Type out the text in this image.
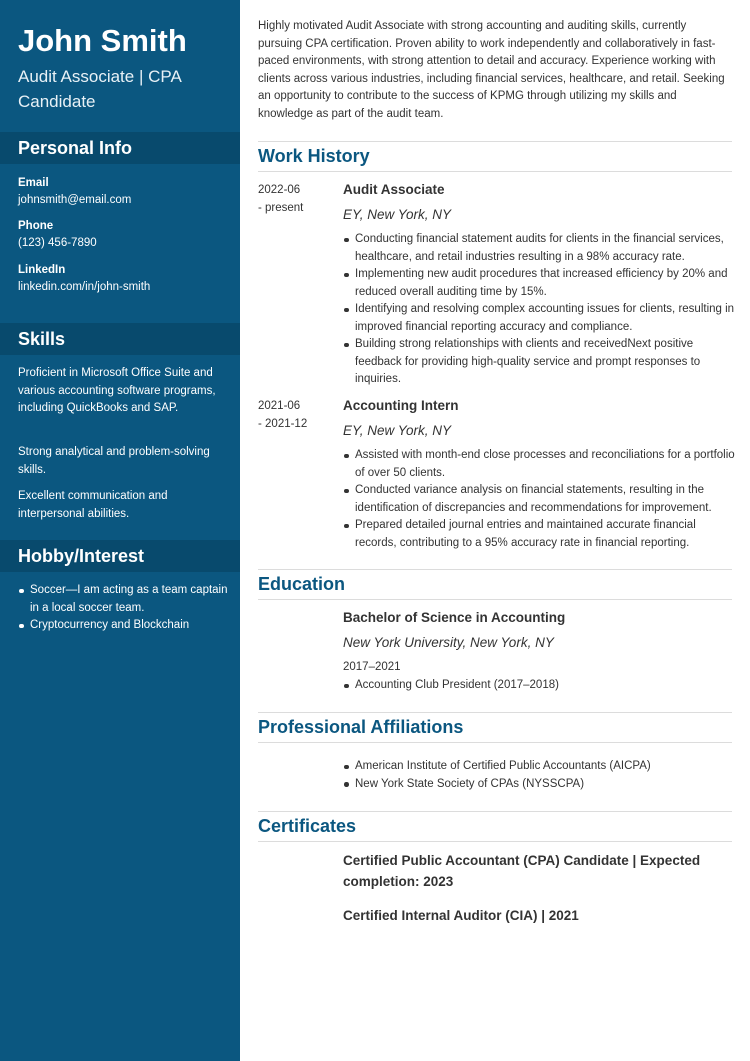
John Smith
Audit Associate | CPA Candidate
Personal Info
Email
johnsmith@email.com
Phone
(123) 456-7890
LinkedIn
linkedin.com/in/john-smith
Skills
Proficient in Microsoft Office Suite and various accounting software programs, including QuickBooks and SAP.
Strong analytical and problem-solving skills.
Excellent communication and interpersonal abilities.
Hobby/Interest
Soccer—I am acting as a team captain in a local soccer team.
Cryptocurrency and Blockchain
Highly motivated Audit Associate with strong accounting and auditing skills, currently pursuing CPA certification. Proven ability to work independently and collaboratively in fast-paced environments, with strong attention to detail and accuracy. Experience working with clients across various industries, including financial services, healthcare, and retail. Seeking an opportunity to contribute to the success of KPMG through utilizing my skills and knowledge as part of the audit team.
Work History
2022-06
- present
Audit Associate
EY, New York, NY
Conducting financial statement audits for clients in the financial services, healthcare, and retail industries resulting in a 98% accuracy rate.
Implementing new audit procedures that increased efficiency by 20% and reduced overall auditing time by 15%.
Identifying and resolving complex accounting issues for clients, resulting in improved financial reporting accuracy and compliance.
Building strong relationships with clients and receivedNext positive feedback for providing high-quality service and prompt responses to inquiries.
2021-06
- 2021-12
Accounting Intern
EY, New York, NY
Assisted with month-end close processes and reconciliations for a portfolio of over 50 clients.
Conducted variance analysis on financial statements, resulting in the identification of discrepancies and recommendations for improvement.
Prepared detailed journal entries and maintained accurate financial records, contributing to a 95% accuracy rate in financial reporting.
Education
Bachelor of Science in Accounting
New York University, New York, NY
2017–2021
Accounting Club President (2017–2018)
Professional Affiliations
American Institute of Certified Public Accountants (AICPA)
New York State Society of CPAs (NYSSCPA)
Certificates
Certified Public Accountant (CPA) Candidate | Expected completion: 2023
Certified Internal Auditor (CIA) | 2021
